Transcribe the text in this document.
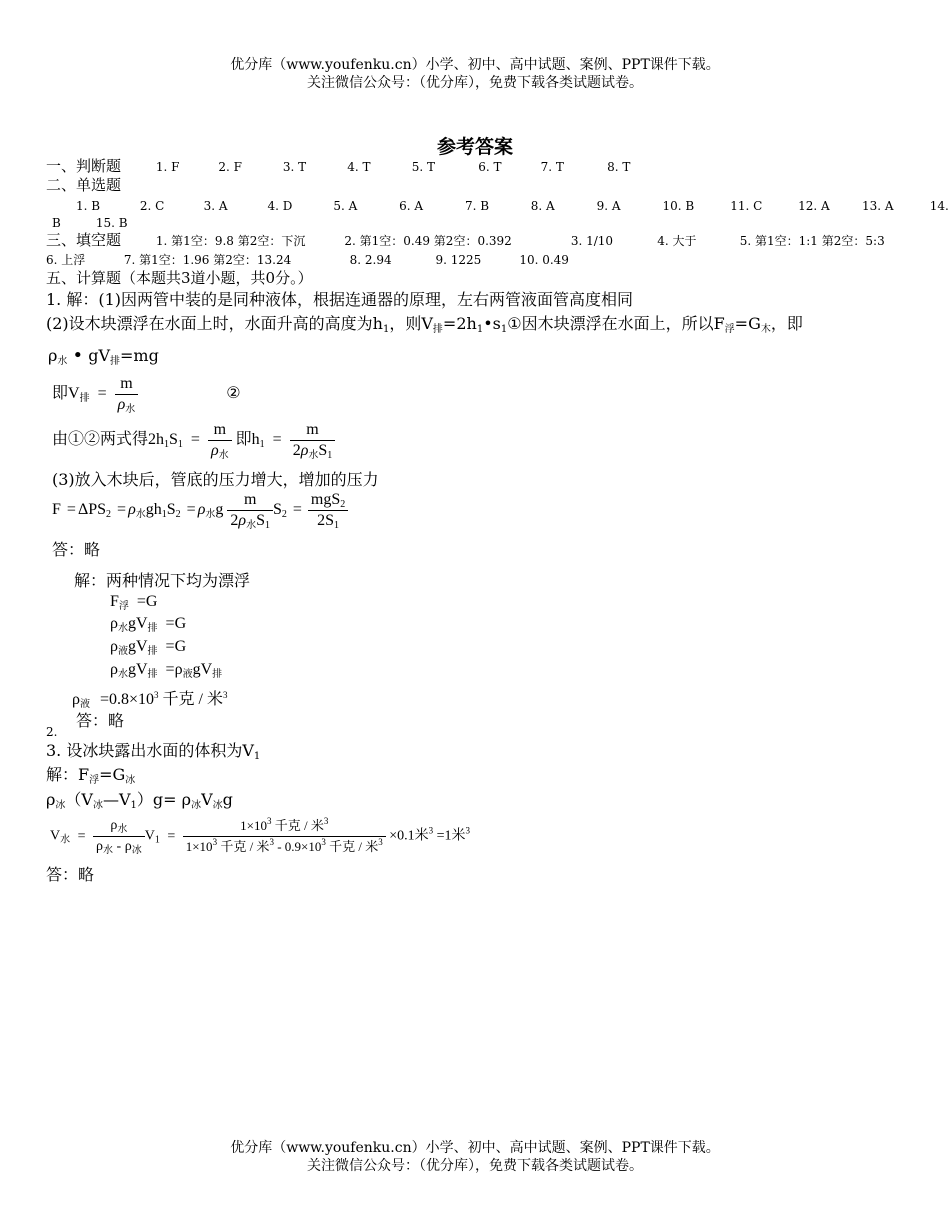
优分库（www.youfenku.cn）小学、初中、高中试题、案例、PPT课件下载。
关注微信公众号：（优分库），免费下载各类试题试卷。
参考答案
一、判断题	1. F	2. F	3. T	4. T	5. T	6. T	7. T	8. T
二、单选题
1. B	2. C	3. A	4. D	5. A	6. A	7. B	8. A	9. A	10. B	11. C	12. A	13. A	14.
B	15. B
三、填空题	1. 第1空：9.8 第2空：下沉	2. 第1空：0.49 第2空：0.392	3. 1/10	4. 大于	5. 第1空：1:1 第2空：5:3
6. 上浮	7. 第1空：1.96 第2空：13.24	8. 2.94	9. 1225	10. 0.49
五、计算题（本题共3道小题，共0分。）
1. 解：(1)因两管中装的是同种液体，根据连通器的原理，左右两管液面管高度相同
(2)设木块漂浮在水面上时，水面升高的高度为$h_1$，则$V_排=2h_1•s_1①$因木块漂浮在水面上，所以$F_浮=G_木$，即
$\rho_水$ • $gV_排=mg$
即$V_排 = \frac{m}{\rho_水}$	②
由①②两式得$2h_1S_1 = \frac{m}{\rho_水}$ 即$h_1 = \frac{m}{2\rho_水S_1}$
(3)放入木块后，管底的压力增大，增加的压力
$F = \Delta PS_2 = \rho_水gh_1S_2 = \rho_水g \frac{m}{2\rho_水S_1} S_2 = \frac{mgS_2}{2S_1}$
答：略
解：两种情况下均为漂浮
$F_浮 =G$
$\rho_水gV_排 =G$
$\rho_液gV_排 =G$
$\rho_水gV_排 =\rho_液gV_排$
$\rho_液 =0.8\times 10^3$ 千克 / 米$^3$
答：略
2.
3. 设冰块露出水面的体积为$V_1$
解：$F_浮=G_冰$
$\rho_冰(V_冰—V_1)g= \rho_冰V_冰g$
$V_水 = \frac{\rho_水}{\rho_水 - \rho_冰} V_1 = \frac{1\times 10^3 千克 / 米^3}{1\times 10^3 千克 / 米^3 - 0.9\times 10^3 千克 / 米^3} \times 0.1$米$^3$ =1米$^3$
答：略
优分库（www.youfenku.cn）小学、初中、高中试题、案例、PPT课件下载。
关注微信公众号：（优分库），免费下载各类试题试卷。
